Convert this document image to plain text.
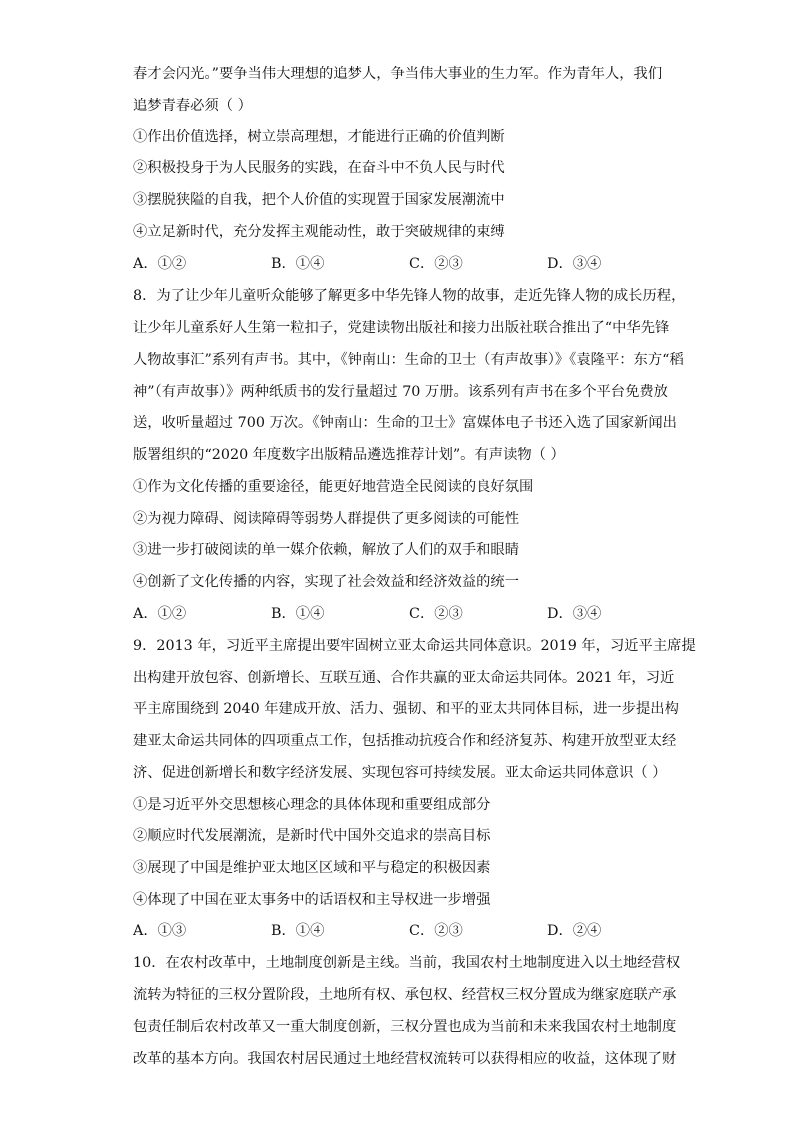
春才会闪光。”要争当伟大理想的追梦人，争当伟大事业的生力军。作为青年人，我们
追梦青春必须（ ）
①作出价值选择，树立崇高理想，才能进行正确的价值判断
②积极投身于为人民服务的实践，在奋斗中不负人民与时代
③摆脱狭隘的自我，把个人价值的实现置于国家发展潮流中
④立足新时代，充分发挥主观能动性，敢于突破规律的束缚
A．①②	B．①④	C．②③	D．③④
8．为了让少年儿童听众能够了解更多中华先锋人物的故事，走近先锋人物的成长历程，
让少年儿童系好人生第一粒扣子，党建读物出版社和接力出版社联合推出了“中华先锋
人物故事汇”系列有声书。其中，《钟南山：生命的卫士（有声故事）》《袁隆平：东方“稻
神”（有声故事）》两种纸质书的发行量超过 70 万册。该系列有声书在多个平台免费放
送，收听量超过 700 万次。《钟南山：生命的卫士》富媒体电子书还入选了国家新闻出
版署组织的“2020 年度数字出版精品遴选推荐计划”。有声读物（ ）
①作为文化传播的重要途径，能更好地营造全民阅读的良好氛围
②为视力障碍、阅读障碍等弱势人群提供了更多阅读的可能性
③进一步打破阅读的单一媒介依赖，解放了人们的双手和眼睛
④创新了文化传播的内容，实现了社会效益和经济效益的统一
A．①②	B．①④	C．②③	D．③④
9．2013 年，习近平主席提出要牢固树立亚太命运共同体意识。2019 年，习近平主席提
出构建开放包容、创新增长、互联互通、合作共赢的亚太命运共同体。2021 年，习近
平主席围绕到 2040 年建成开放、活力、强韧、和平的亚太共同体目标，进一步提出构
建亚太命运共同体的四项重点工作，包括推动抗疫合作和经济复苏、构建开放型亚太经
济、促进创新增长和数字经济发展、实现包容可持续发展。亚太命运共同体意识（ ）
①是习近平外交思想核心理念的具体体现和重要组成部分
②顺应时代发展潮流，是新时代中国外交追求的崇高目标
③展现了中国是维护亚太地区区域和平与稳定的积极因素
④体现了中国在亚太事务中的话语权和主导权进一步增强
A．①③	B．①④	C．②③	D．②④
10．在农村改革中，土地制度创新是主线。当前，我国农村土地制度进入以土地经营权
流转为特征的三权分置阶段，土地所有权、承包权、经营权三权分置成为继家庭联产承
包责任制后农村改革又一重大制度创新，三权分置也成为当前和未来我国农村土地制度
改革的基本方向。我国农村居民通过土地经营权流转可以获得相应的收益，这体现了财
